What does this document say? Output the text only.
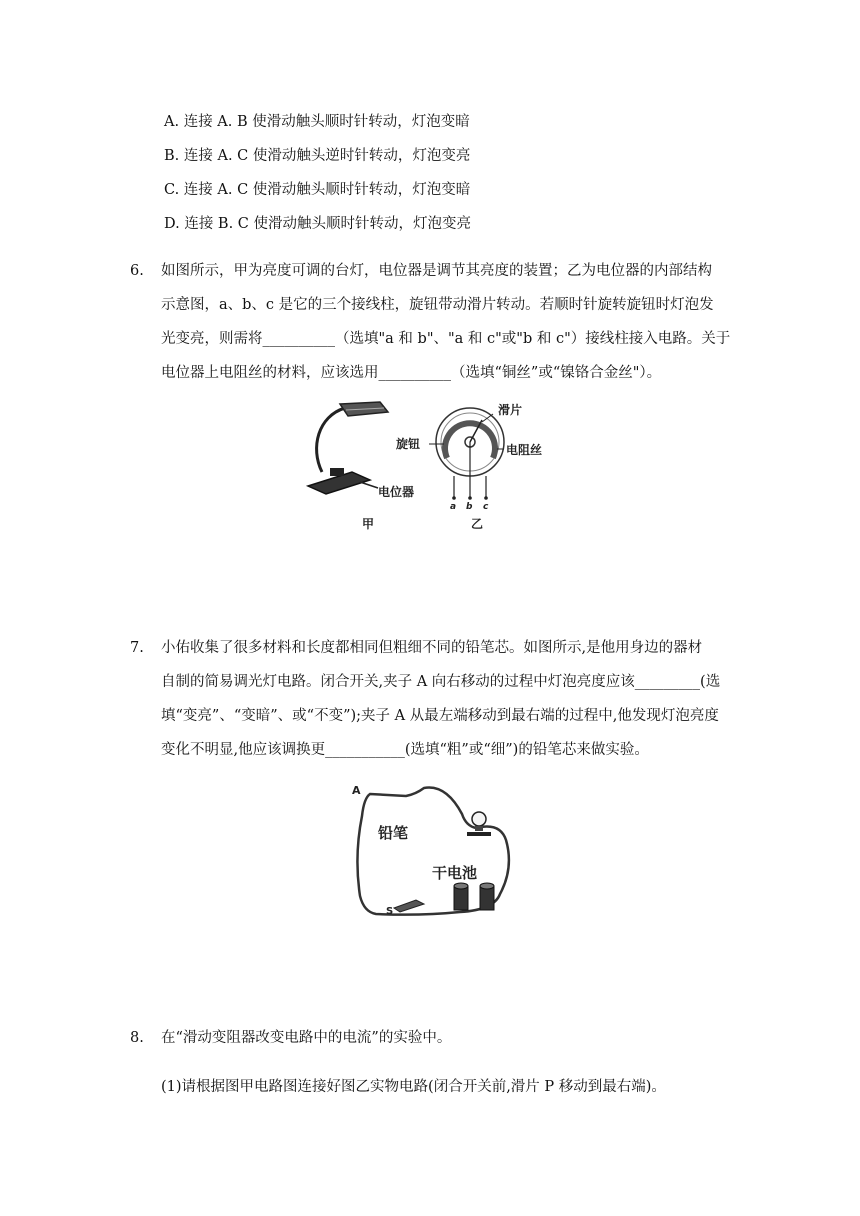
A. 连接 A. B 使滑动触头顺时针转动，灯泡变暗
B. 连接 A. C 使滑动触头逆时针转动，灯泡变亮
C. 连接 A. C 使滑动触头顺时针转动，灯泡变暗
D. 连接 B. C 使滑动触头顺时针转动，灯泡变亮
6. 如图所示，甲为亮度可调的台灯，电位器是调节其亮度的装置；乙为电位器的内部结构
示意图，a、b、c 是它的三个接线柱，旋钮带动滑片转动。若顺时针旋转旋钮时灯泡发
光变亮，则需将__________（选填"a 和 b"、"a 和 c"或"b 和 c"）接线柱接入电路。关于
电位器上电阻丝的材料，应该选用__________（选填“铜丝”或“镍铬合金丝"）。
电位器
甲
滑片
旋钮	电阻丝
a b c
乙
7. 小佑收集了很多材料和长度都相同但粗细不同的铅笔芯。如图所示,是他用身边的器材
自制的简易调光灯电路。闭合开关,夹子 A 向右移动的过程中灯泡亮度应该_________(选
填“变亮”、“变暗”、或“不变”);夹子 A 从最左端移动到最右端的过程中,他发现灯泡亮度
变化不明显,他应该调换更___________(选填“粗”或“细”)的铅笔芯来做实验。
A
铅笔
干电池
S
8. 在“滑动变阻器改变电路中的电流”的实验中。
(1)请根据图甲电路图连接好图乙实物电路(闭合开关前,滑片 P 移动到最右端)。
